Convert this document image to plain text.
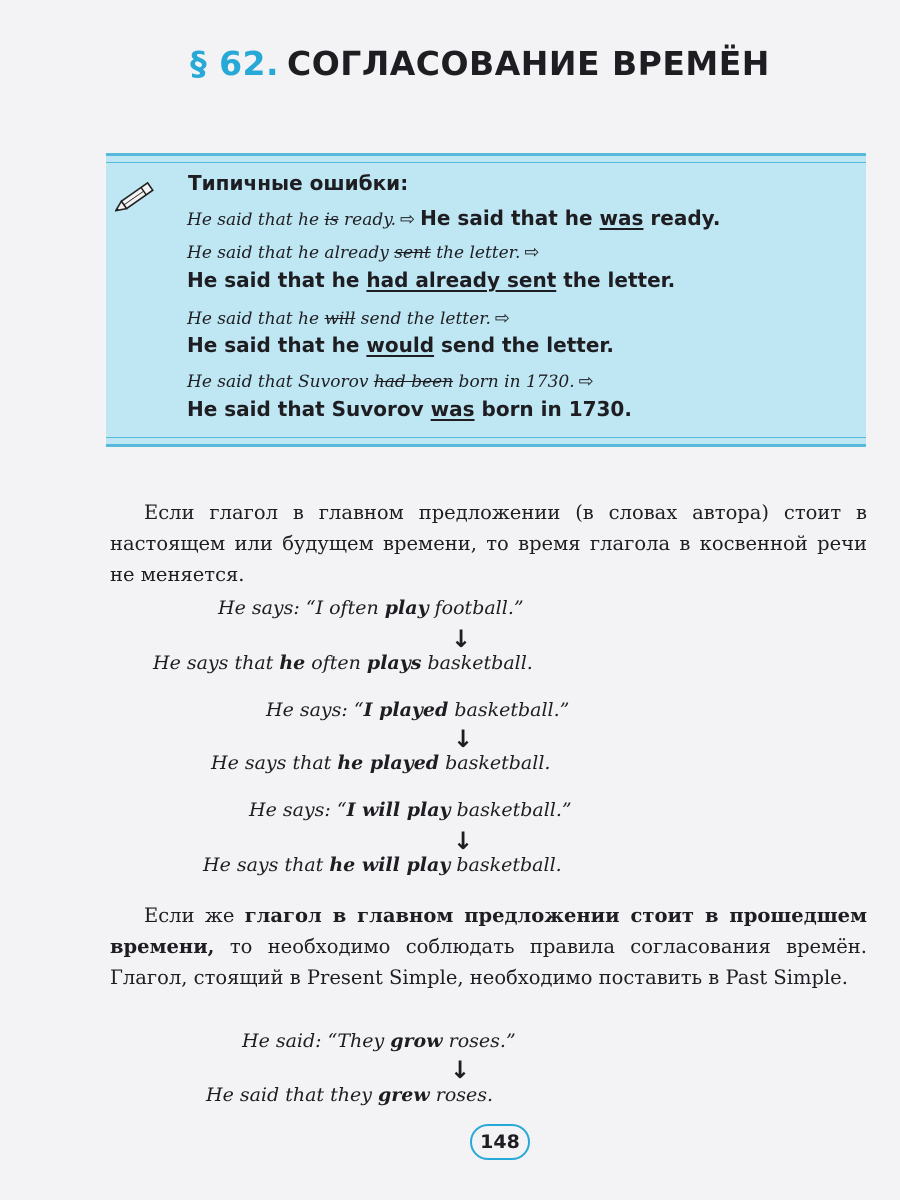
§ 62. СОГЛАСОВАНИЕ ВРЕМЁН
Типичные ошибки:
He said that he is ready. ⇨ He said that he was ready.
He said that he already sent the letter. ⇨
He said that he had already sent the letter.
He said that he will send the letter. ⇨
He said that he would send the letter.
He said that Suvorov had been born in 1730. ⇨
He said that Suvorov was born in 1730.
Если глагол в главном предложении (в словах автора) стоит в настоящем или будущем времени, то время глагола в косвенной речи не меняется.
He says: “I often play football.”
↓
He says that he often plays basketball.
He says: “I played basketball.”
↓
He says that he played basketball.
He says: “I will play basketball.”
↓
He says that he will play basketball.
Если же глагол в главном предложении стоит в прошедшем времени, то необходимо соблюдать правила согласования времён. Глагол, стоящий в Present Simple, необходимо поставить в Past Simple.
He said: “They grow roses.”
↓
He said that they grew roses.
148
